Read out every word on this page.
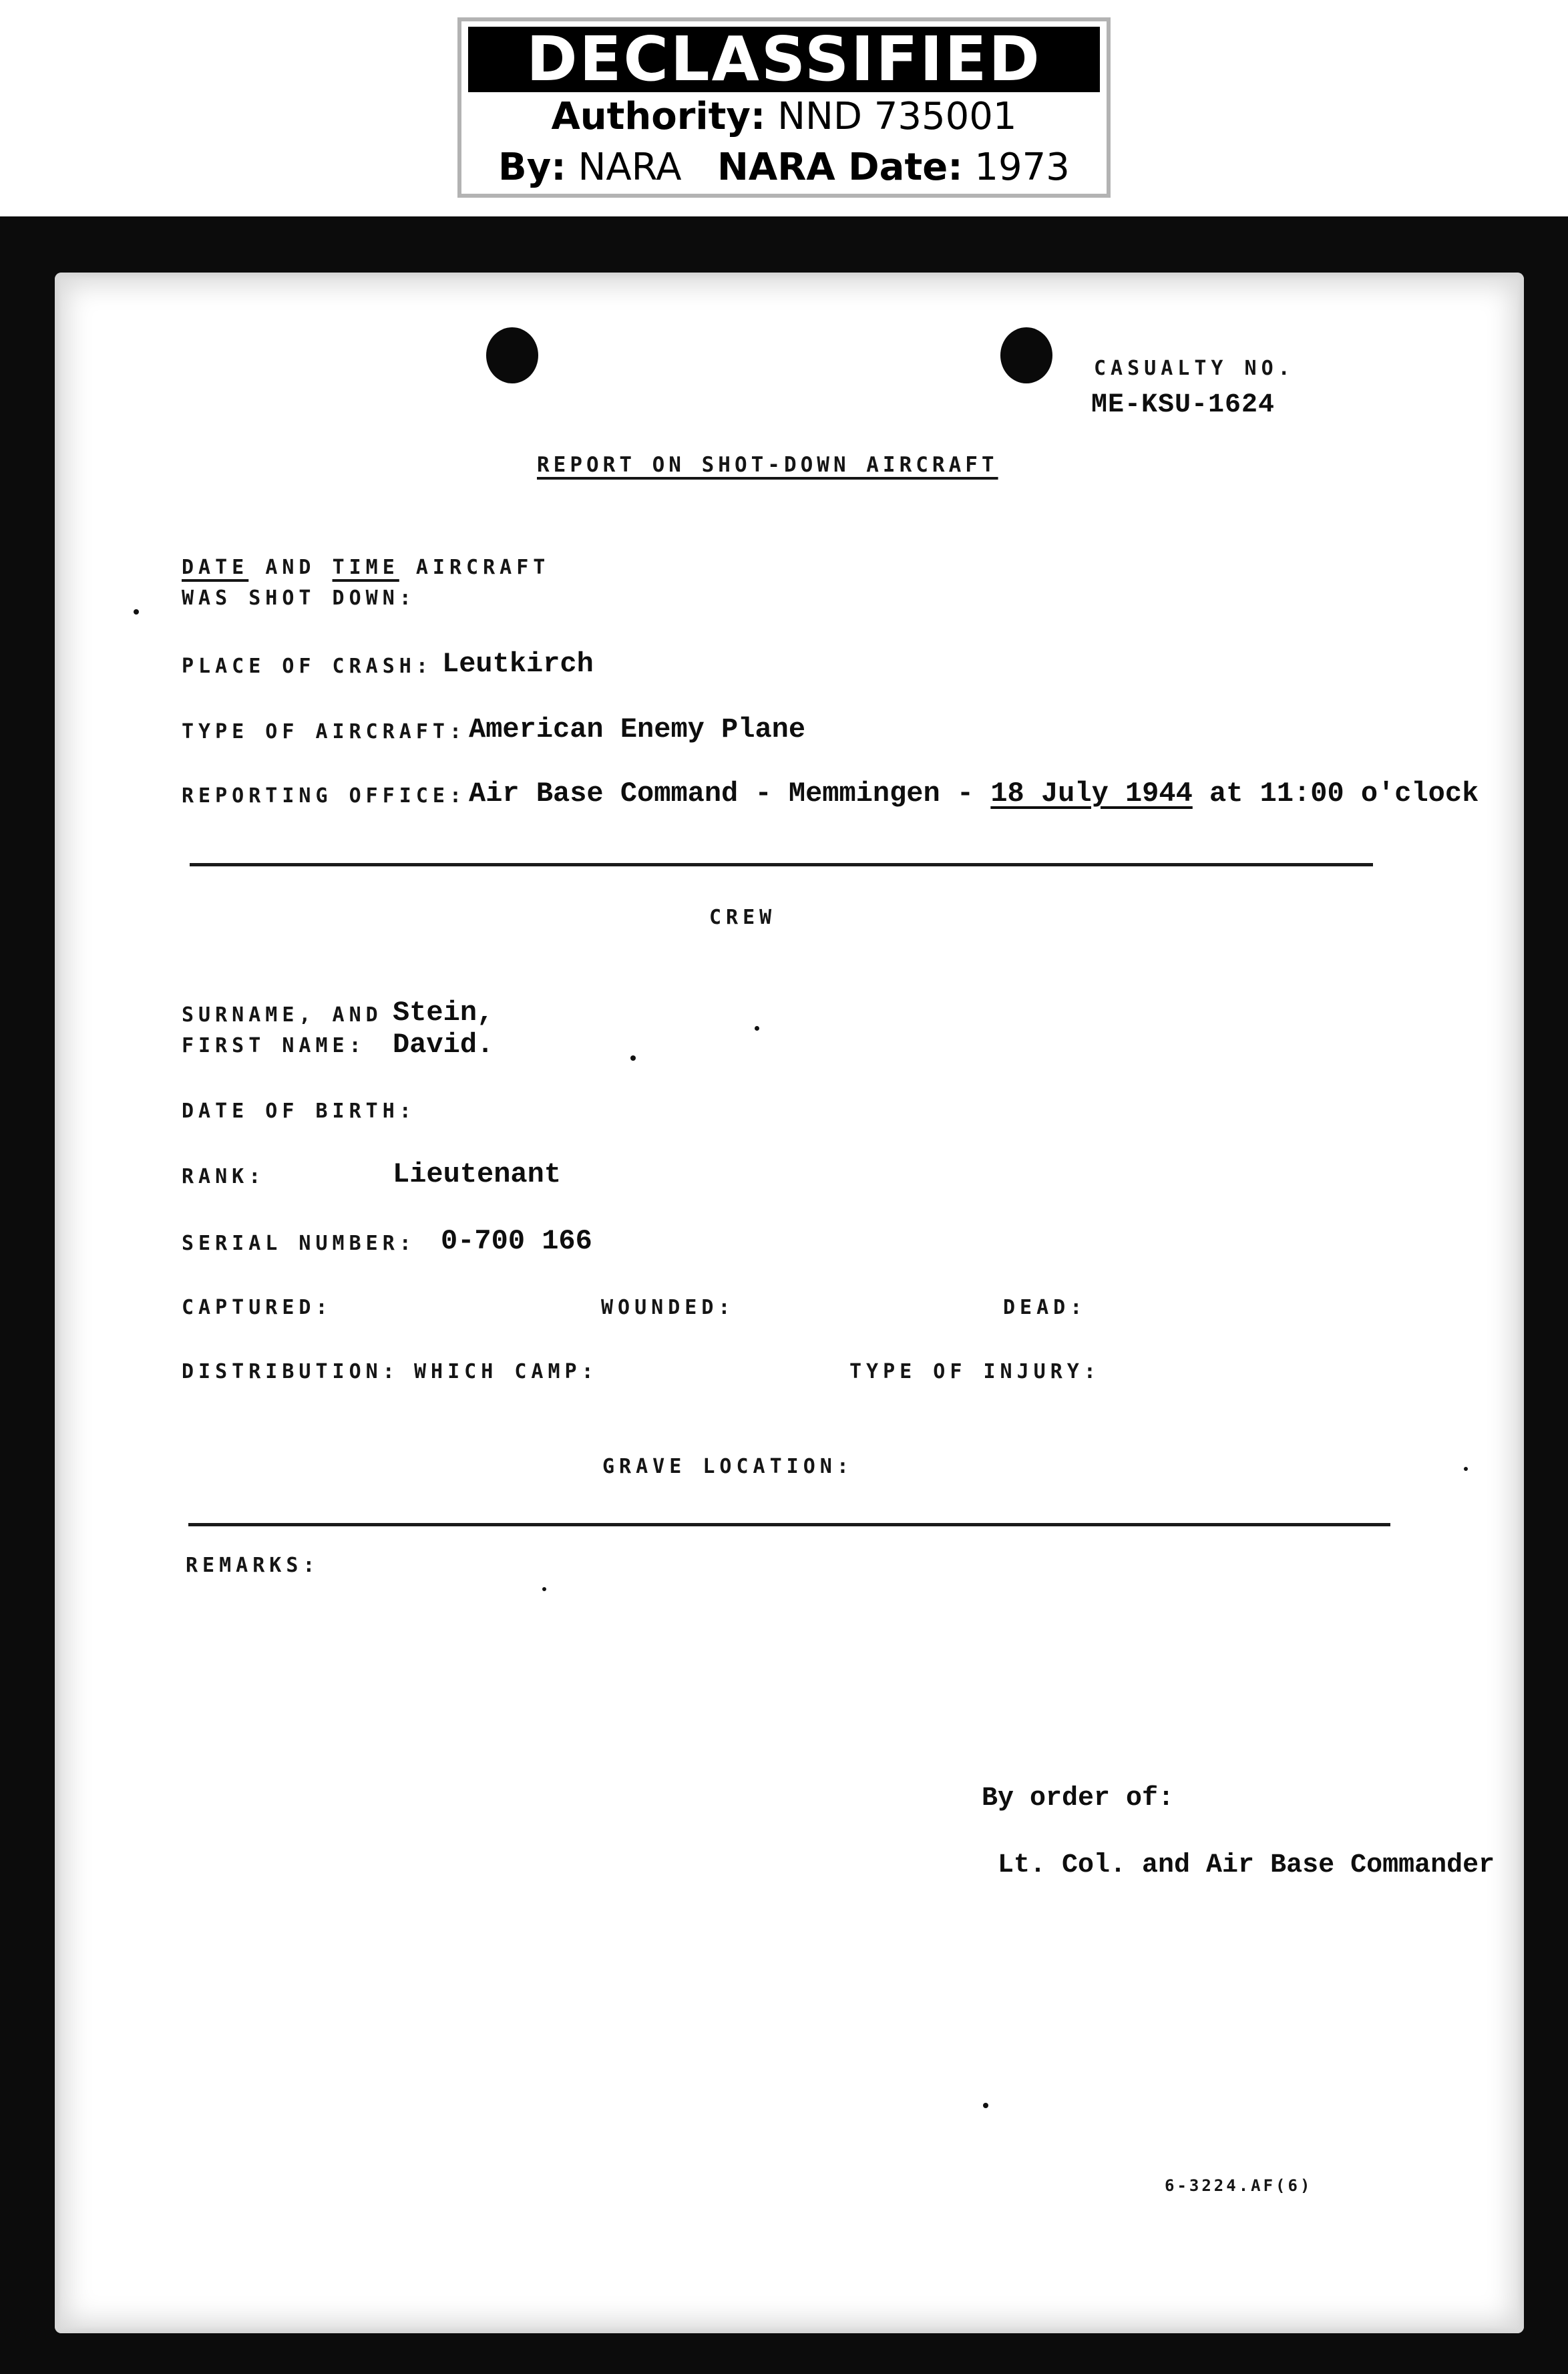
DECLASSIFIED
Authority: NND 735001
By: NARA NARA Date: 1973
CASUALTY NO.
ME-KSU-1624
REPORT ON SHOT-DOWN AIRCRAFT
DATE AND TIME AIRCRAFT
WAS SHOT DOWN:
PLACE OF CRASH: Leutkirch
TYPE OF AIRCRAFT: American Enemy Plane
REPORTING OFFICE: Air Base Command - Memmingen - 18 July 1944 at 11:00 o'clock
CREW
SURNAME, AND
FIRST NAME:
Stein,
David.
DATE OF BIRTH:
RANK:	Lieutenant
SERIAL NUMBER: 0-700 166
CAPTURED:	WOUNDED:	DEAD:
DISTRIBUTION: WHICH CAMP:	TYPE OF INJURY:
GRAVE LOCATION:
REMARKS:
By order of:
Lt. Col. and Air Base Commander
6-3224.AF(6)
